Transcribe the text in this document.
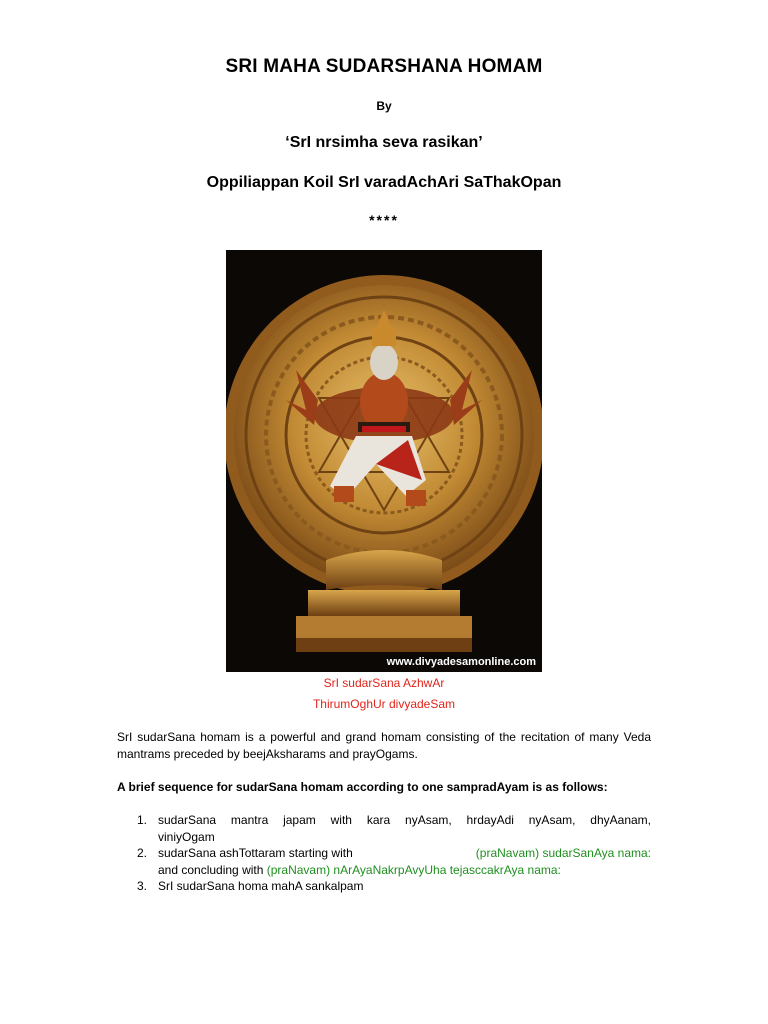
SRI MAHA SUDARSHANA HOMAM
By
‘SrI nrsimha seva rasikan’
Oppiliappan Koil SrI varadAchAri SaThakOpan
****
www.divyadesamonline.com
SrI sudarSana AzhwAr
ThirumOghUr divyadeSam
SrI sudarSana homam is a powerful and grand homam consisting of the recitation of many Veda mantrams preceded by beejAksharams and prayOgams.
A brief sequence for sudarSana homam according to one sampradAyam is as follows:
1. sudarSana mantra japam with kara nyAsam, hrdayAdi nyAsam, dhyAanam,
viniyOgam
2. sudarSana ashTottaram starting with	(praNavam) sudarSanAya nama:
and concluding with (praNavam) nArAyaNakrpAvyUha tejasccakrAya nama:
3. SrI sudarSana homa mahA sankalpam
